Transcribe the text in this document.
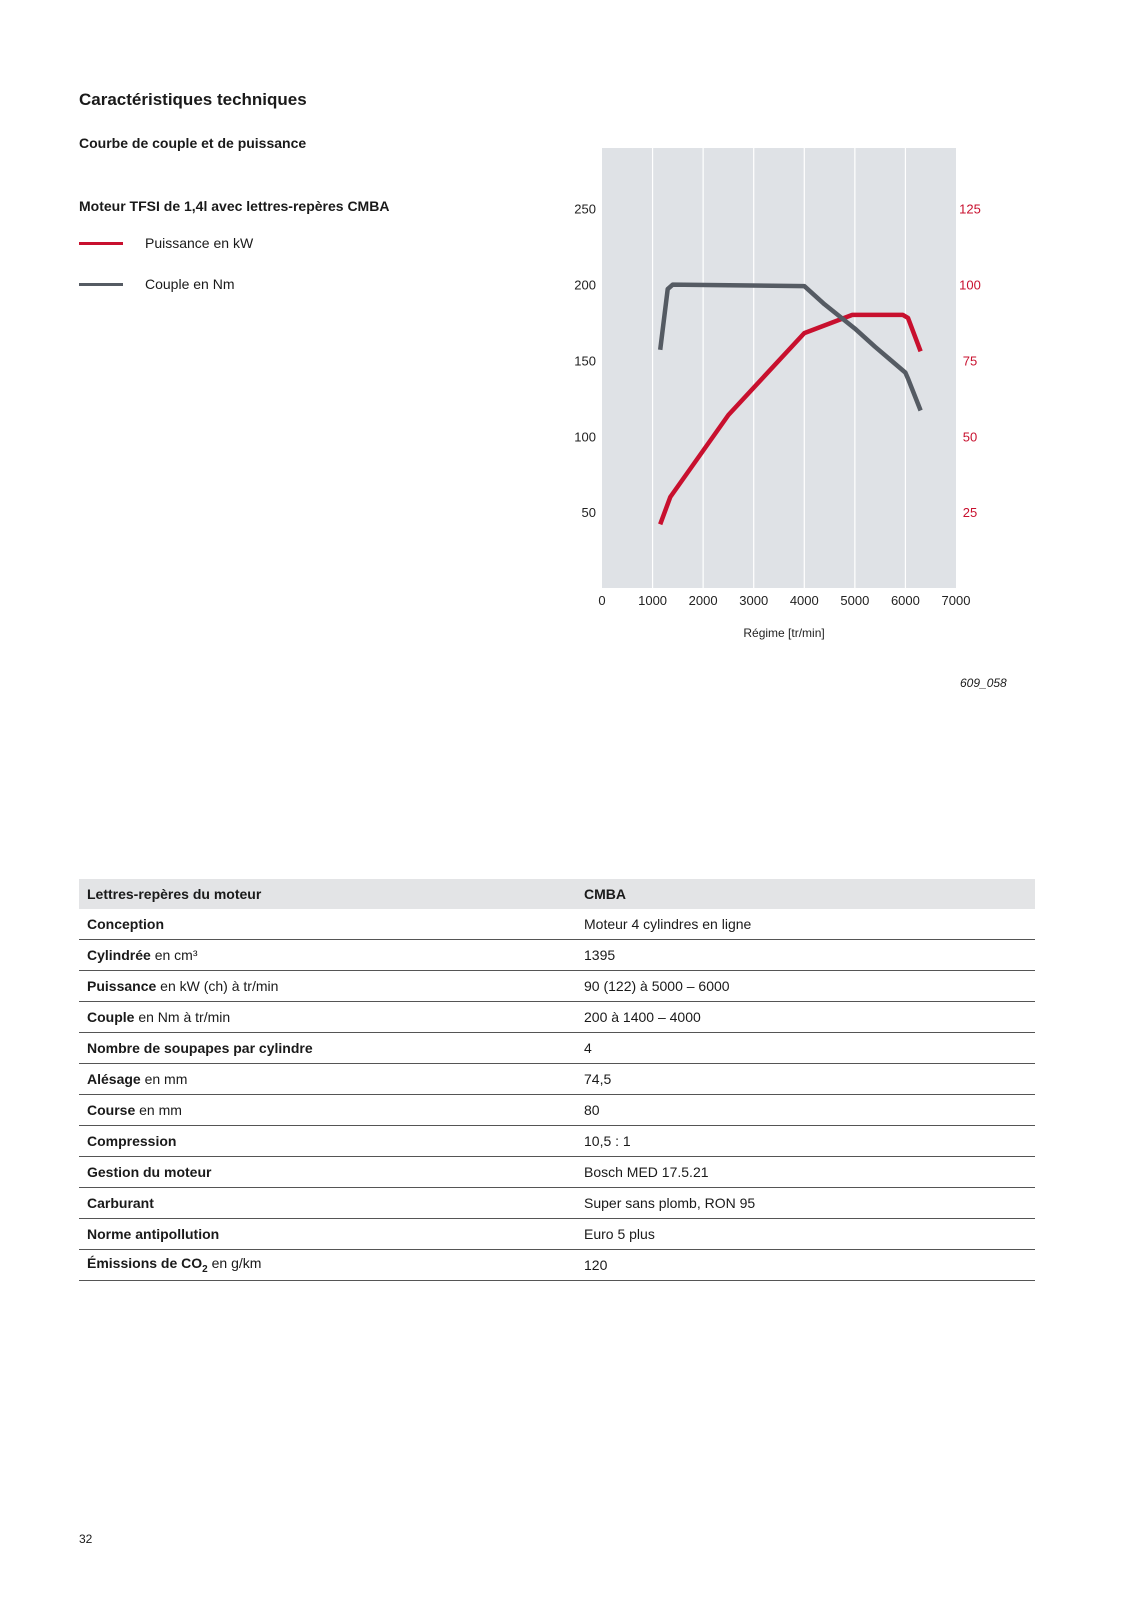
Caractéristiques techniques
Courbe de couple et de puissance
Moteur TFSI de 1,4l avec lettres-repères CMBA
Puissance en kW
Couple en Nm
0 1000 2000 3000 4000 5000 6000 7000
50
100
150
200
250
25
50
75
100
125
Régime [tr/min]
609_058
Lettres-repères du moteur	CMBA
Conception	Moteur 4 cylindres en ligne
Cylindrée en cm³	1395
Puissance en kW (ch) à tr/min	90 (122) à 5000 – 6000
Couple en Nm à tr/min	200 à 1400 – 4000
Nombre de soupapes par cylindre	4
Alésage en mm	74,5
Course en mm	80
Compression	10,5 : 1
Gestion du moteur	Bosch MED 17.5.21
Carburant	Super sans plomb, RON 95
Norme antipollution	Euro 5 plus
Émissions de $CO_2$ en g/km	120
32
